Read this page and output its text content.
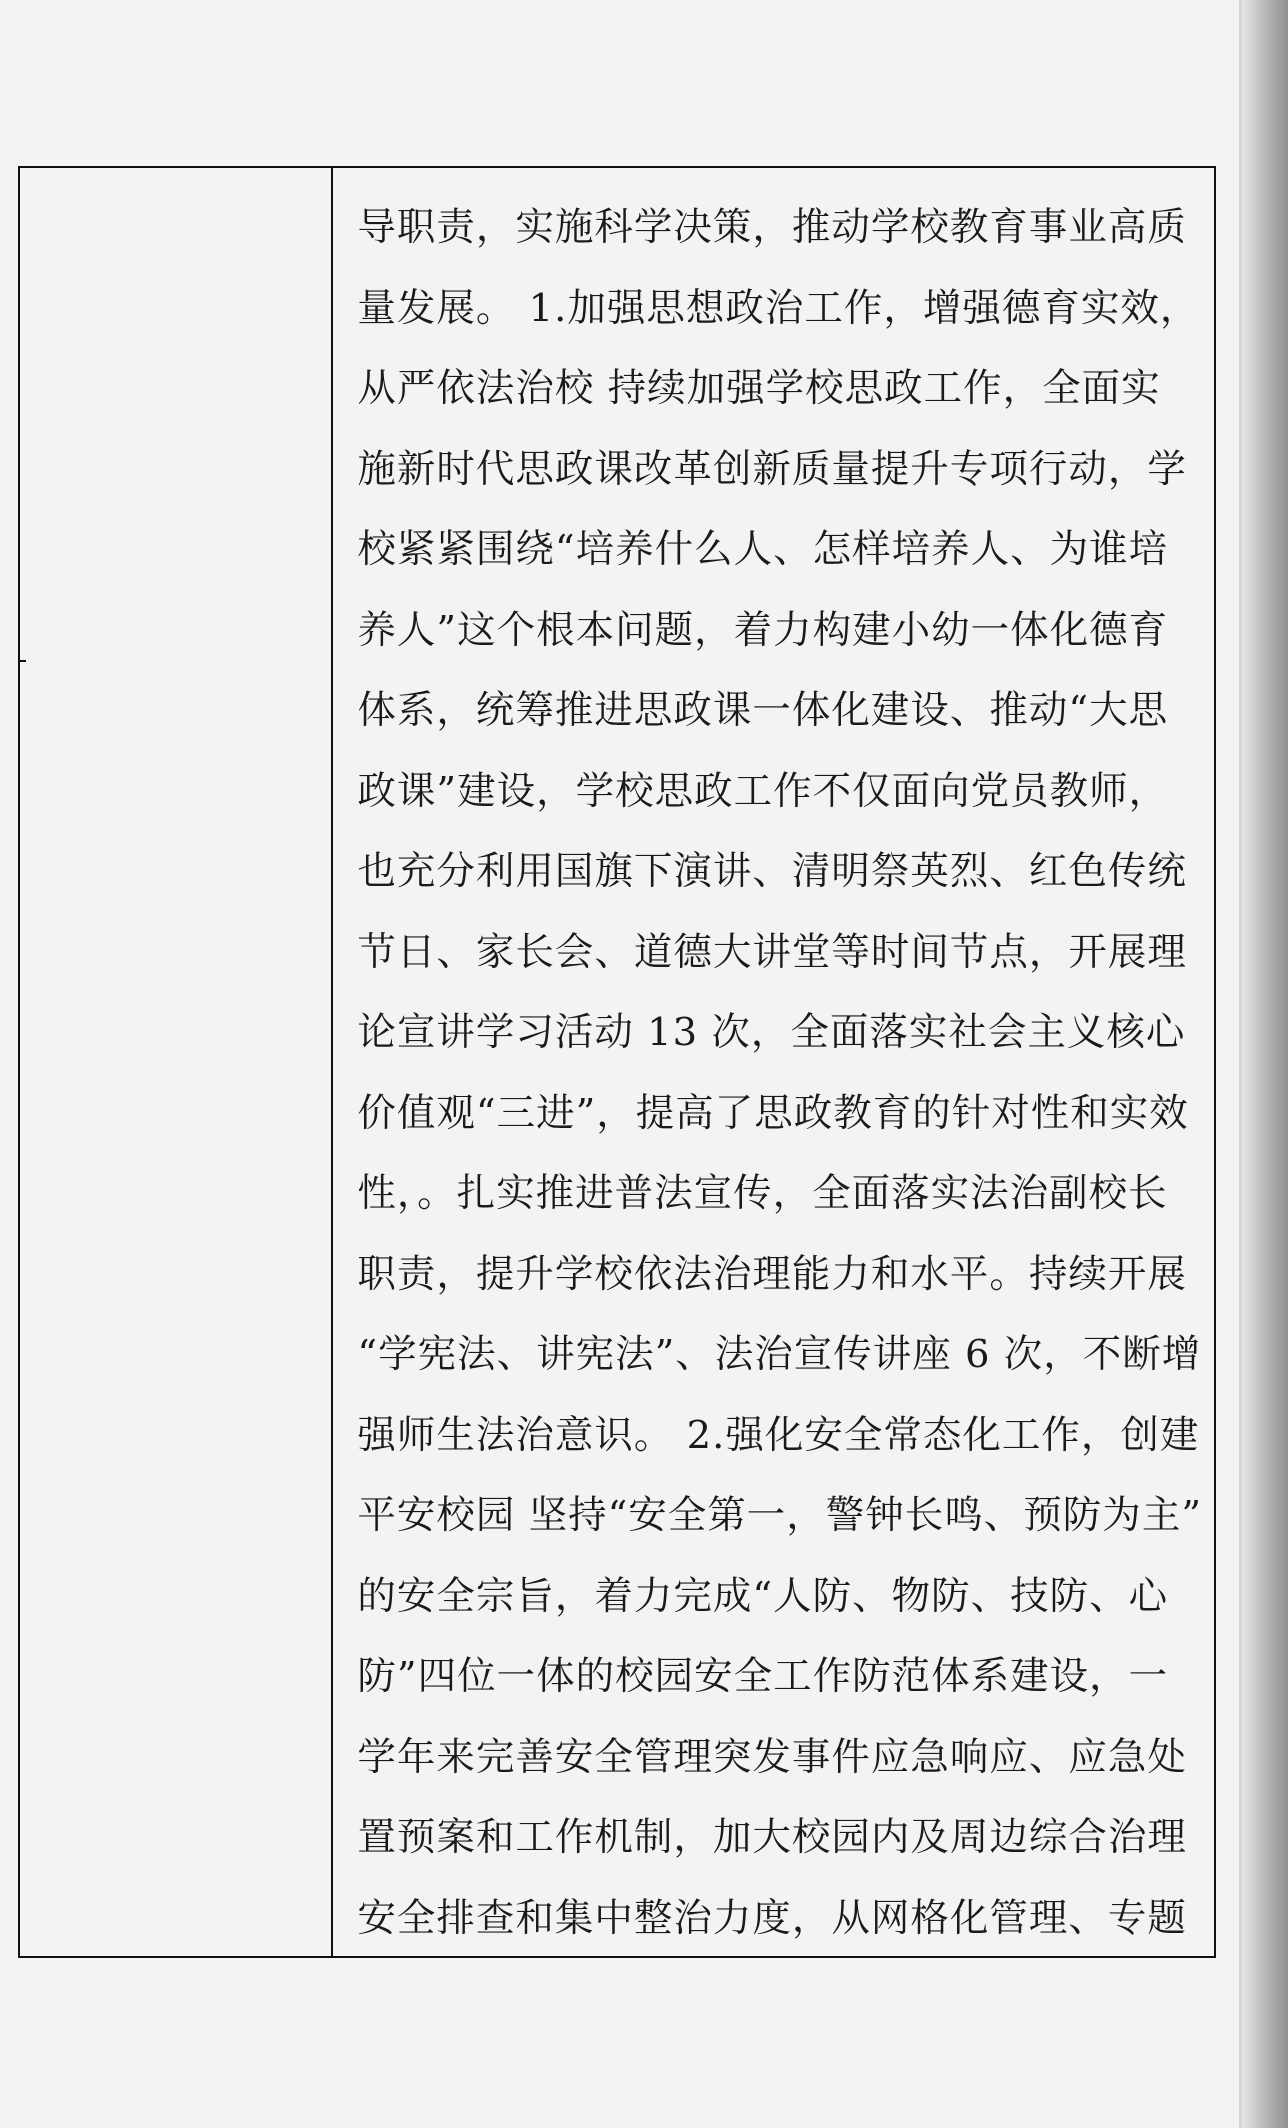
导职责，实施科学决策，推动学校教育事业高质
量发展。 1.加强思想政治工作，增强德育实效，
从严依法治校 持续加强学校思政工作，全面实
施新时代思政课改革创新质量提升专项行动，学
校紧紧围绕“培养什么人、怎样培养人、为谁培
养人”这个根本问题，着力构建小幼一体化德育
体系，统筹推进思政课一体化建设、推动“大思
政课”建设，学校思政工作不仅面向党员教师，
也充分利用国旗下演讲、清明祭英烈、红色传统
节日、家长会、道德大讲堂等时间节点，开展理
论宣讲学习活动 13 次，全面落实社会主义核心
价值观“三进”，提高了思政教育的针对性和实效
性，。扎实推进普法宣传，全面落实法治副校长
职责，提升学校依法治理能力和水平。持续开展
“学宪法、讲宪法”、法治宣传讲座 6 次，不断增
强师生法治意识。 2.强化安全常态化工作，创建
平安校园 坚持“安全第一，警钟长鸣、预防为主”
的安全宗旨，着力完成“人防、物防、技防、心
防”四位一体的校园安全工作防范体系建设，一
学年来完善安全管理突发事件应急响应、应急处
置预案和工作机制，加大校园内及周边综合治理
安全排查和集中整治力度，从网格化管理、专题
